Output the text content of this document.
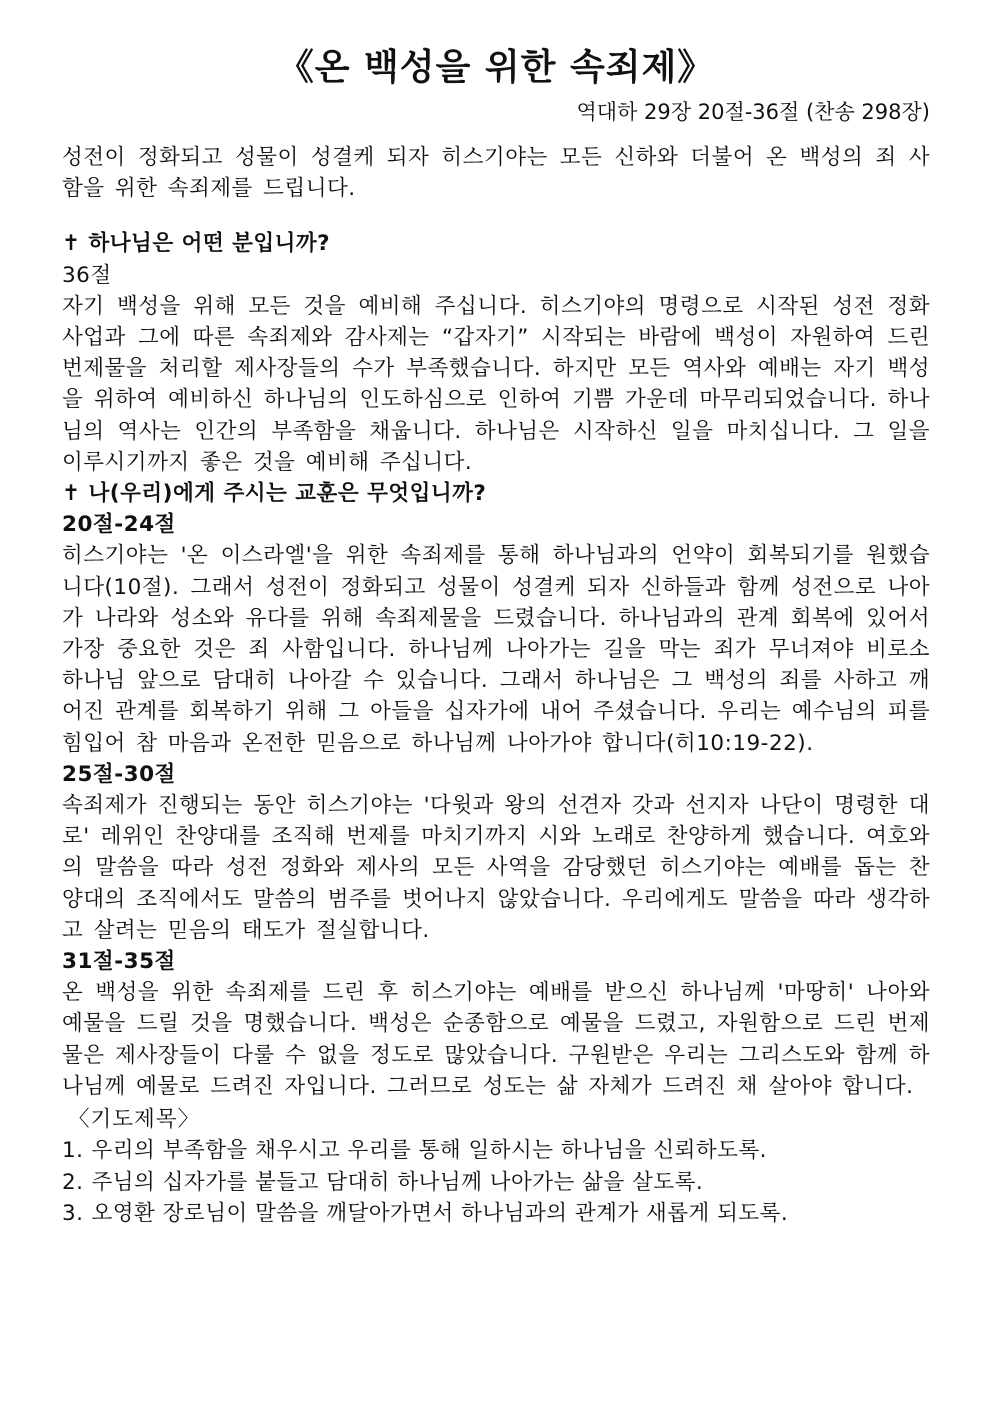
《온 백성을 위한 속죄제》

역대하 29장 20절-36절 (찬송 298장)

성전이 정화되고 성물이 성결케 되자 히스기야는 모든 신하와 더불어 온 백성의 죄 사함을 위한 속죄제를 드립니다.

✝ 하나님은 어떤 분입니까?

36절

자기 백성을 위해 모든 것을 예비해 주십니다. 히스기야의 명령으로 시작된 성전 정화 사업과 그에 따른 속죄제와 감사제는 “갑자기” 시작되는 바람에 백성이 자원하여 드린 번제물을 처리할 제사장들의 수가 부족했습니다. 하지만 모든 역사와 예배는 자기 백성을 위하여 예비하신 하나님의 인도하심으로 인하여 기쁨 가운데 마무리되었습니다. 하나님의 역사는 인간의 부족함을 채웁니다. 하나님은 시작하신 일을 마치십니다. 그 일을 이루시기까지 좋은 것을 예비해 주십니다.

✝ 나(우리)에게 주시는 교훈은 무엇입니까?

20절-24절

히스기야는 '온 이스라엘'을 위한 속죄제를 통해 하나님과의 언약이 회복되기를 원했습니다(10절). 그래서 성전이 정화되고 성물이 성결케 되자 신하들과 함께 성전으로 나아가 나라와 성소와 유다를 위해 속죄제물을 드렸습니다. 하나님과의 관계 회복에 있어서 가장 중요한 것은 죄 사함입니다. 하나님께 나아가는 길을 막는 죄가 무너져야 비로소 하나님 앞으로 담대히 나아갈 수 있습니다. 그래서 하나님은 그 백성의 죄를 사하고 깨어진 관계를 회복하기 위해 그 아들을 십자가에 내어 주셨습니다. 우리는 예수님의 피를 힘입어 참 마음과 온전한 믿음으로 하나님께 나아가야 합니다(히10:19-22).

25절-30절

속죄제가 진행되는 동안 히스기야는 '다윗과 왕의 선견자 갓과 선지자 나단이 명령한 대로' 레위인 찬양대를 조직해 번제를 마치기까지 시와 노래로 찬양하게 했습니다. 여호와의 말씀을 따라 성전 정화와 제사의 모든 사역을 감당했던 히스기야는 예배를 돕는 찬양대의 조직에서도 말씀의 범주를 벗어나지 않았습니다. 우리에게도 말씀을 따라 생각하고 살려는 믿음의 태도가 절실합니다.

31절-35절

온 백성을 위한 속죄제를 드린 후 히스기야는 예배를 받으신 하나님께 '마땅히' 나아와 예물을 드릴 것을 명했습니다. 백성은 순종함으로 예물을 드렸고, 자원함으로 드린 번제물은 제사장들이 다룰 수 없을 정도로 많았습니다. 구원받은 우리는 그리스도와 함께 하나님께 예물로 드려진 자입니다. 그러므로 성도는 삶 자체가 드려진 채 살아야 합니다.

〈기도제목〉

1. 우리의 부족함을 채우시고 우리를 통해 일하시는 하나님을 신뢰하도록.
2. 주님의 십자가를 붙들고 담대히 하나님께 나아가는 삶을 살도록.
3. 오영환 장로님이 말씀을 깨달아가면서 하나님과의 관계가 새롭게 되도록.
